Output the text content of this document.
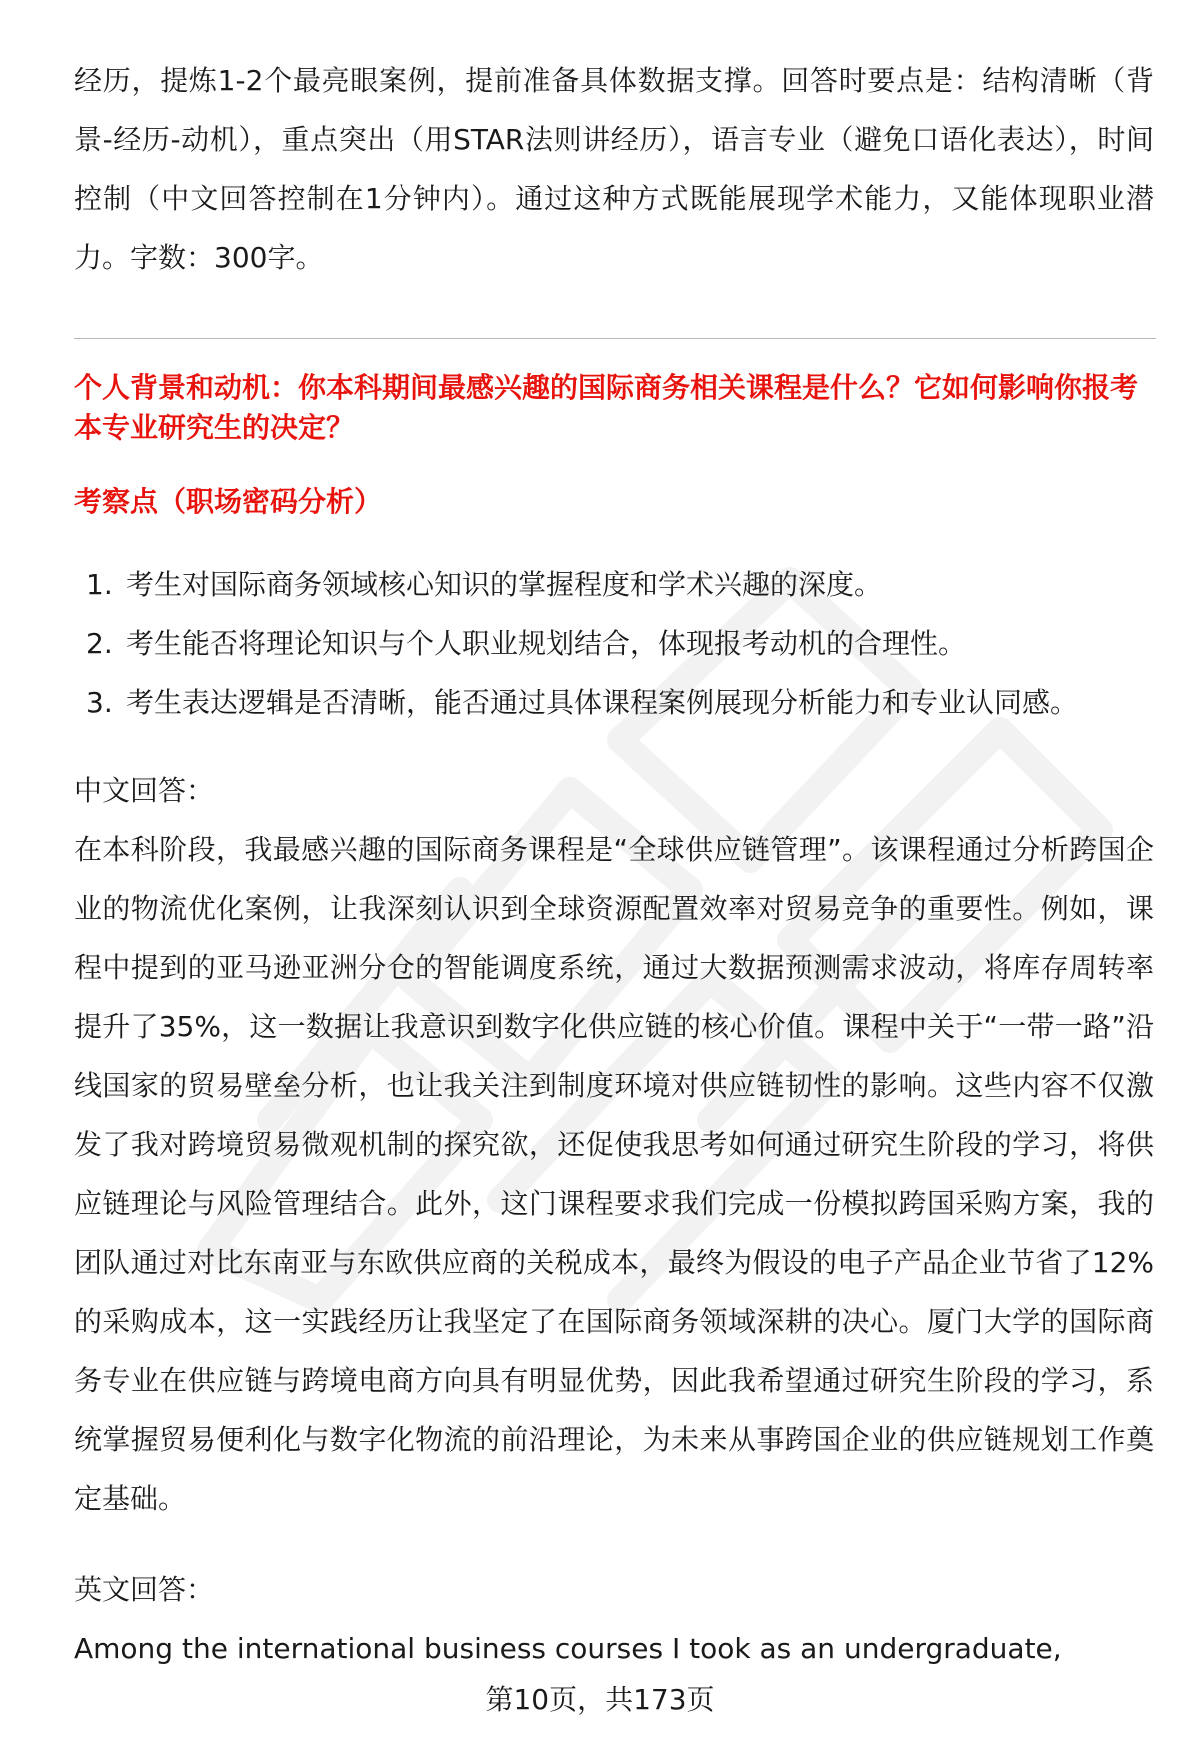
经历，提炼1-2个最亮眼案例，提前准备具体数据支撑。回答时要点是：结构清晰（背景-经历-动机），重点突出（用STAR法则讲经历），语言专业（避免口语化表达），时间控制（中文回答控制在1分钟内）。通过这种方式既能展现学术能力，又能体现职业潜力。字数：300字。

个人背景和动机：你本科期间最感兴趣的国际商务相关课程是什么？它如何影响你报考本专业研究生的决定？

考察点（职场密码分析）

1. 考生对国际商务领域核心知识的掌握程度和学术兴趣的深度。
2. 考生能否将理论知识与个人职业规划结合，体现报考动机的合理性。
3. 考生表达逻辑是否清晰，能否通过具体课程案例展现分析能力和专业认同感。

中文回答：

在本科阶段，我最感兴趣的国际商务课程是“全球供应链管理”。该课程通过分析跨国企业的物流优化案例，让我深刻认识到全球资源配置效率对贸易竞争的重要性。例如，课程中提到的亚马逊亚洲分仓的智能调度系统，通过大数据预测需求波动，将库存周转率提升了35%，这一数据让我意识到数字化供应链的核心价值。课程中关于“一带一路”沿线国家的贸易壁垒分析，也让我关注到制度环境对供应链韧性的影响。这些内容不仅激发了我对跨境贸易微观机制的探究欲，还促使我思考如何通过研究生阶段的学习，将供应链理论与风险管理结合。此外，这门课程要求我们完成一份模拟跨国采购方案，我的团队通过对比东南亚与东欧供应商的关税成本，最终为假设的电子产品企业节省了12%的采购成本，这一实践经历让我坚定了在国际商务领域深耕的决心。厦门大学的国际商务专业在供应链与跨境电商方向具有明显优势，因此我希望通过研究生阶段的学习，系统掌握贸易便利化与数字化物流的前沿理论，为未来从事跨国企业的供应链规划工作奠定基础。

英文回答：

Among the international business courses I took as an undergraduate,

第10页，共173页
